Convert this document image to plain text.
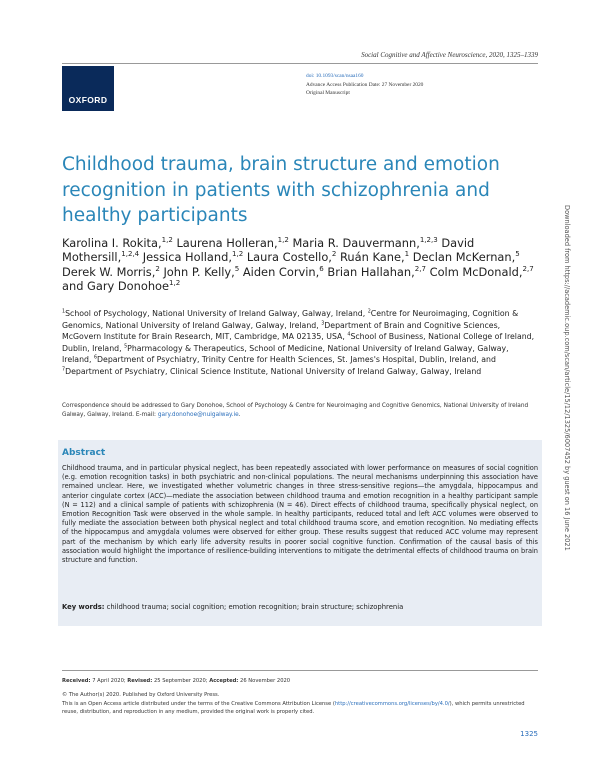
Social Cognitive and Affective Neuroscience, 2020, 1325–1339
OXFORD
doi: 10.1093/scan/nsaa160
Advance Access Publication Date: 27 November 2020
Original Manuscript
Childhood trauma, brain structure and emotion recognition in patients with schizophrenia and healthy participants
Karolina I. Rokita,$^{1,2}$ Laurena Holleran,$^{1,2}$ Maria R. Dauvermann,$^{1,2,3}$ David Mothersill,$^{1,2,4}$ Jessica Holland,$^{1,2}$ Laura Costello,$^2$ Ruán Kane,$^1$ Declan McKernan,$^5$ Derek W. Morris,$^2$ John P. Kelly,$^5$ Aiden Corvin,$^6$ Brian Hallahan,$^{2,7}$ Colm McDonald,$^{2,7}$ and Gary Donohoe$^{1,2}$
$^1$School of Psychology, National University of Ireland Galway, Galway, Ireland, $^2$Centre for Neuroimaging, Cognition & Genomics, National University of Ireland Galway, Galway, Ireland, $^3$Department of Brain and Cognitive Sciences, McGovern Institute for Brain Research, MIT, Cambridge, MA 02135, USA, $^4$School of Business, National College of Ireland, Dublin, Ireland, $^5$Pharmacology & Therapeutics, School of Medicine, National University of Ireland Galway, Galway, Ireland, $^6$Department of Psychiatry, Trinity Centre for Health Sciences, St. James's Hospital, Dublin, Ireland, and $^7$Department of Psychiatry, Clinical Science Institute, National University of Ireland Galway, Galway, Ireland
Correspondence should be addressed to Gary Donohoe, School of Psychology & Centre for Neuroimaging and Cognitive Genomics, National University of Ireland Galway, Galway, Ireland. E-mail: gary.donohoe@nuigalway.ie.
Abstract
Childhood trauma, and in particular physical neglect, has been repeatedly associated with lower performance on measures of social cognition (e.g. emotion recognition tasks) in both psychiatric and non-clinical populations. The neural mechanisms underpinning this association have remained unclear. Here, we investigated whether volumetric changes in three stress-sensitive regions—the amygdala, hippocampus and anterior cingulate cortex (ACC)—mediate the association between childhood trauma and emotion recognition in a healthy participant sample (N = 112) and a clinical sample of patients with schizophrenia (N = 46). Direct effects of childhood trauma, specifically physical neglect, on Emotion Recognition Task were observed in the whole sample. In healthy participants, reduced total and left ACC volumes were observed to fully mediate the association between both physical neglect and total childhood trauma score, and emotion recognition. No mediating effects of the hippocampus and amygdala volumes were observed for either group. These results suggest that reduced ACC volume may represent part of the mechanism by which early life adversity results in poorer social cognitive function. Confirmation of the causal basis of this association would highlight the importance of resilience-building interventions to mitigate the detrimental effects of childhood trauma on brain structure and function.
Key words: childhood trauma; social cognition; emotion recognition; brain structure; schizophrenia
Received: 7 April 2020; Revised: 25 September 2020; Accepted: 26 November 2020
© The Author(s) 2020. Published by Oxford University Press.
This is an Open Access article distributed under the terms of the Creative Commons Attribution License (http://creativecommons.org/licenses/by/4.0/), which permits unrestricted reuse, distribution, and reproduction in any medium, provided the original work is properly cited.
1325
Downloaded from https://academic.oup.com/scan/article/15/12/1325/6007452 by guest on 16 June 2021
